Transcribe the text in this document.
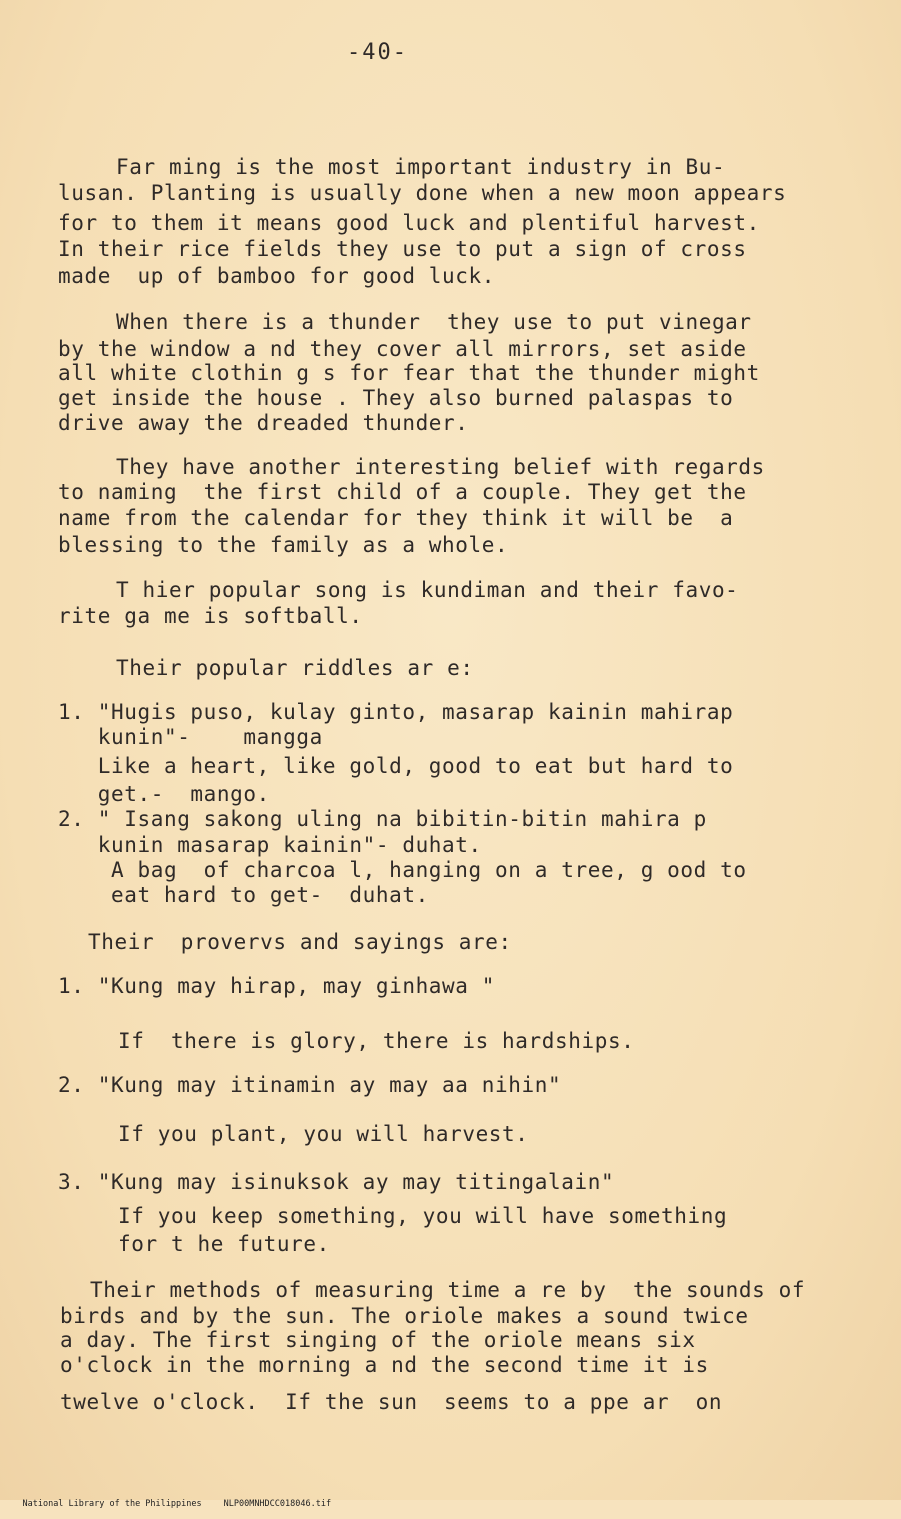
-40-
Far ming is the most important industry in Bu-
lusan. Planting is usually done when a new moon appears
for to them it means good luck and plentiful harvest.
In their rice fields they use to put a sign of cross
made  up of bamboo for good luck.
When there is a thunder  they use to put vinegar
by the window a nd they cover all mirrors, set aside
all white clothin g s for fear that the thunder might
get inside the house . They also burned palaspas to
drive away the dreaded thunder.
They have another interesting belief with regards
to naming  the first child of a couple. They get the
name from the calendar for they think it will be  a
blessing to the family as a whole.
T hier popular song is kundiman and their favo-
rite ga me is softball.
Their popular riddles ar e:
1. "Hugis puso, kulay ginto, masarap kainin mahirap
kunin"-    mangga
Like a heart, like gold, good to eat but hard to
get.-  mango.
2. " Isang sakong uling na bibitin-bitin mahira p
kunin masarap kainin"- duhat.
A bag  of charcoa l, hanging on a tree, g ood to
eat hard to get-  duhat.
Their  provervs and sayings are:
1. "Kung may hirap, may ginhawa "
If  there is glory, there is hardships.
2. "Kung may itinamin ay may aa nihin"
If you plant, you will harvest.
3. "Kung may isinuksok ay may titingalain"
If you keep something, you will have something
for t he future.
Their methods of measuring time a re by  the sounds of
birds and by the sun. The oriole makes a sound twice
a day. The first singing of the oriole means six
o'clock in the morning a nd the second time it is
twelve o'clock.  If the sun  seems to a ppe ar  on

National Library of the Philippines	NLP00MNHDCC018046.tif
